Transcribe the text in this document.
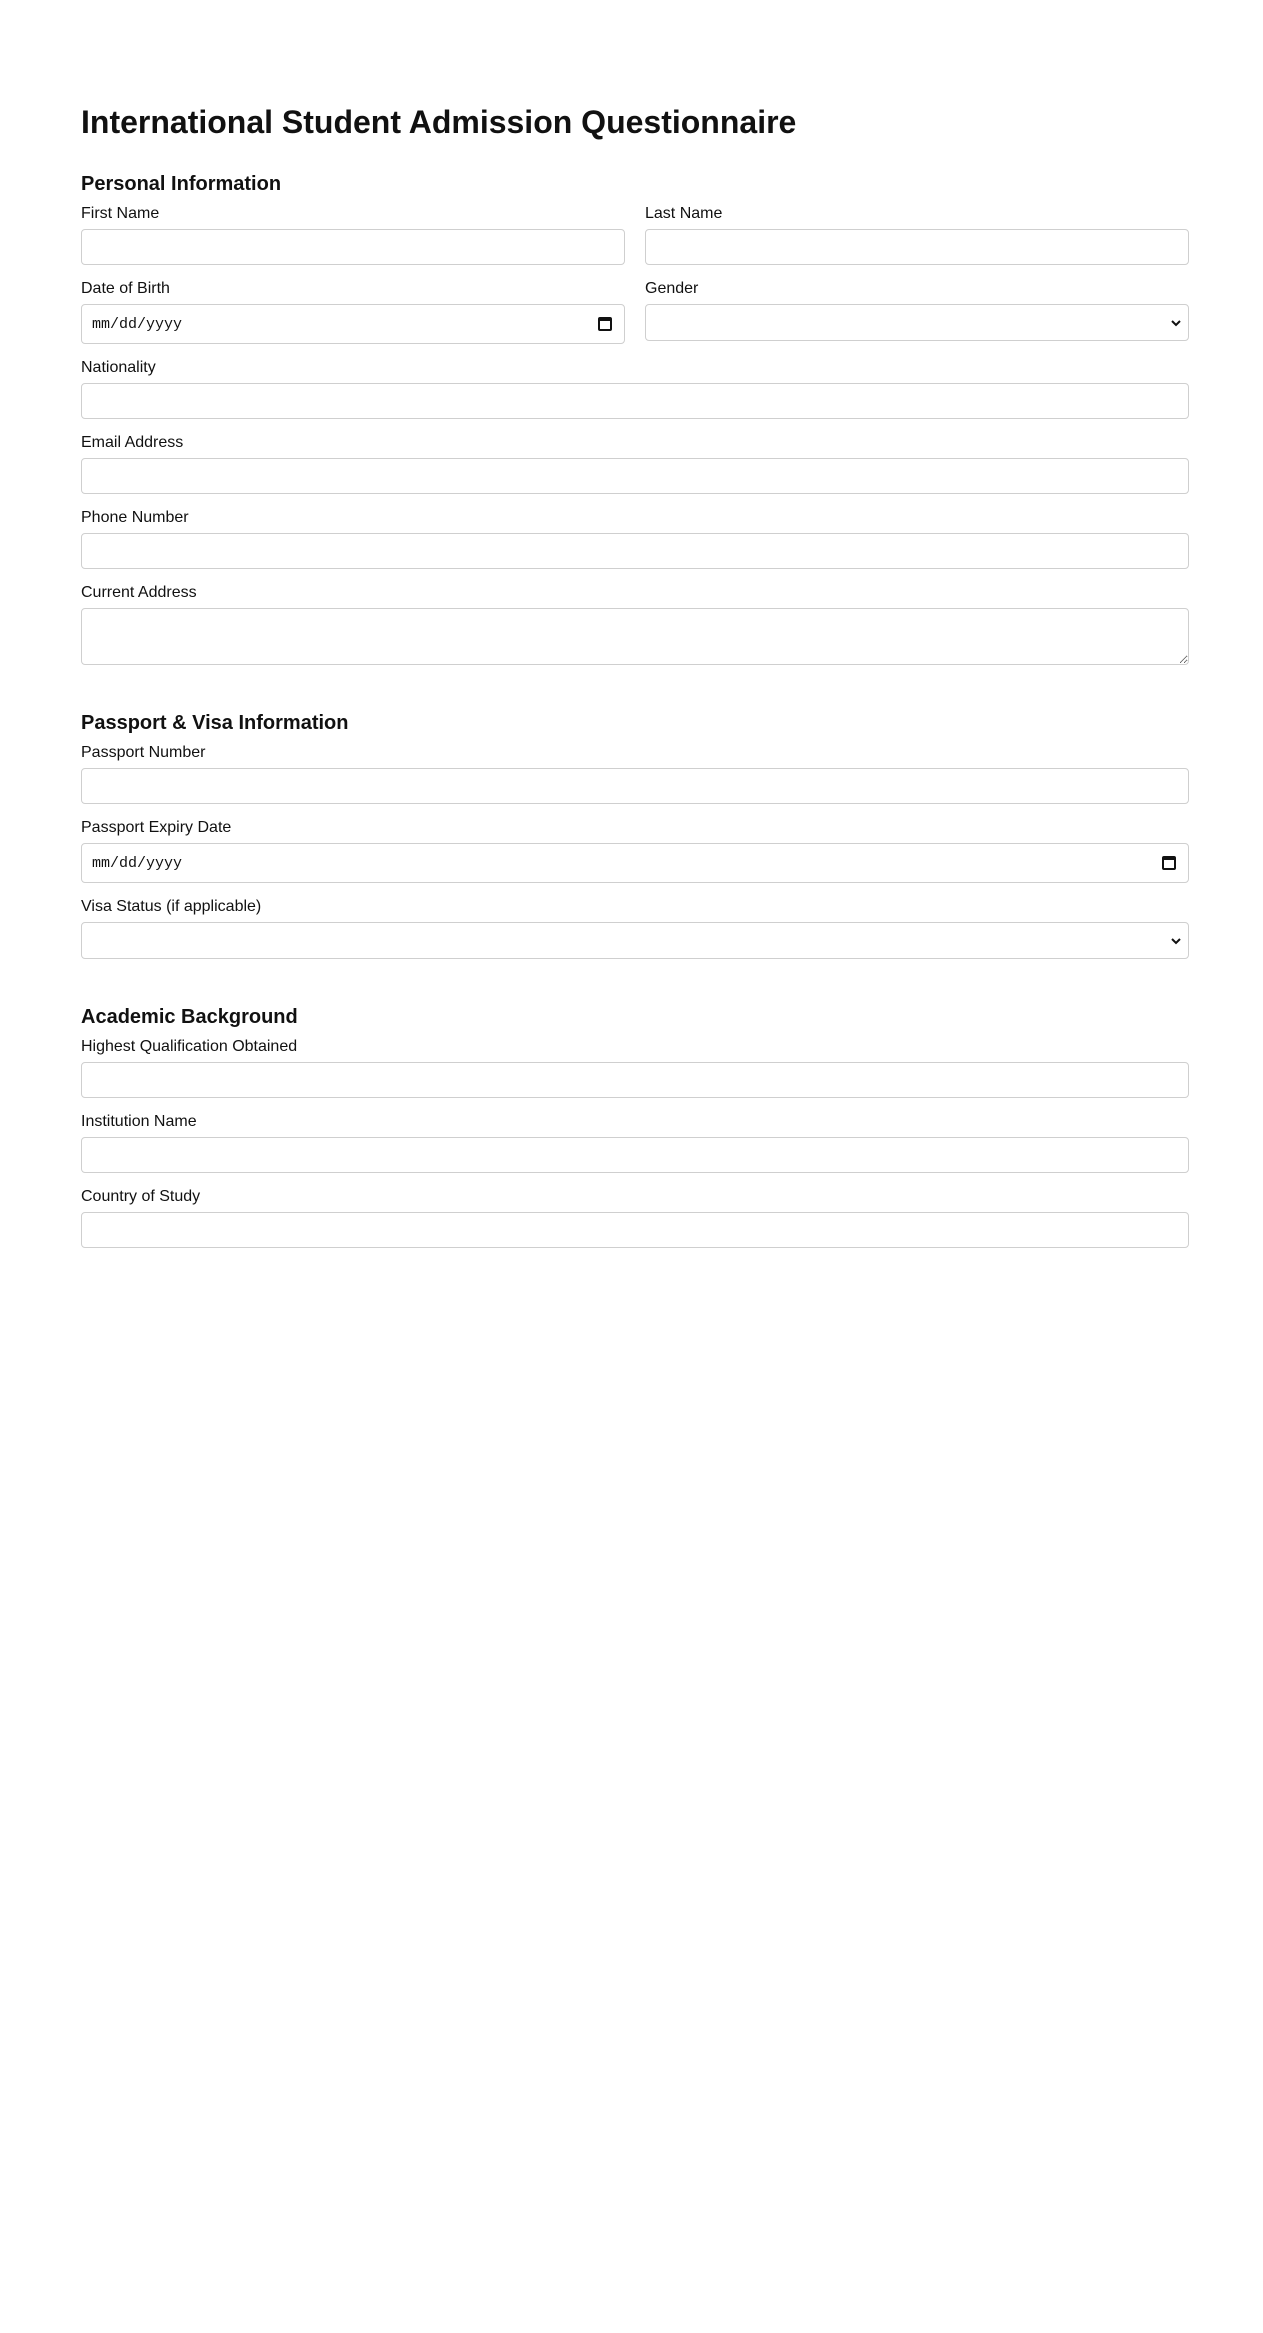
International Student Admission Questionnaire
Personal Information
First Name	Last Name
Date of Birth
mm/dd/yyyy
Gender
Nationality
Email Address
Phone Number
Current Address
Passport & Visa Information
Passport Number
Passport Expiry Date
mm/dd/yyyy
Visa Status (if applicable)
Academic Background
Highest Qualification Obtained
Institution Name
Country of Study
